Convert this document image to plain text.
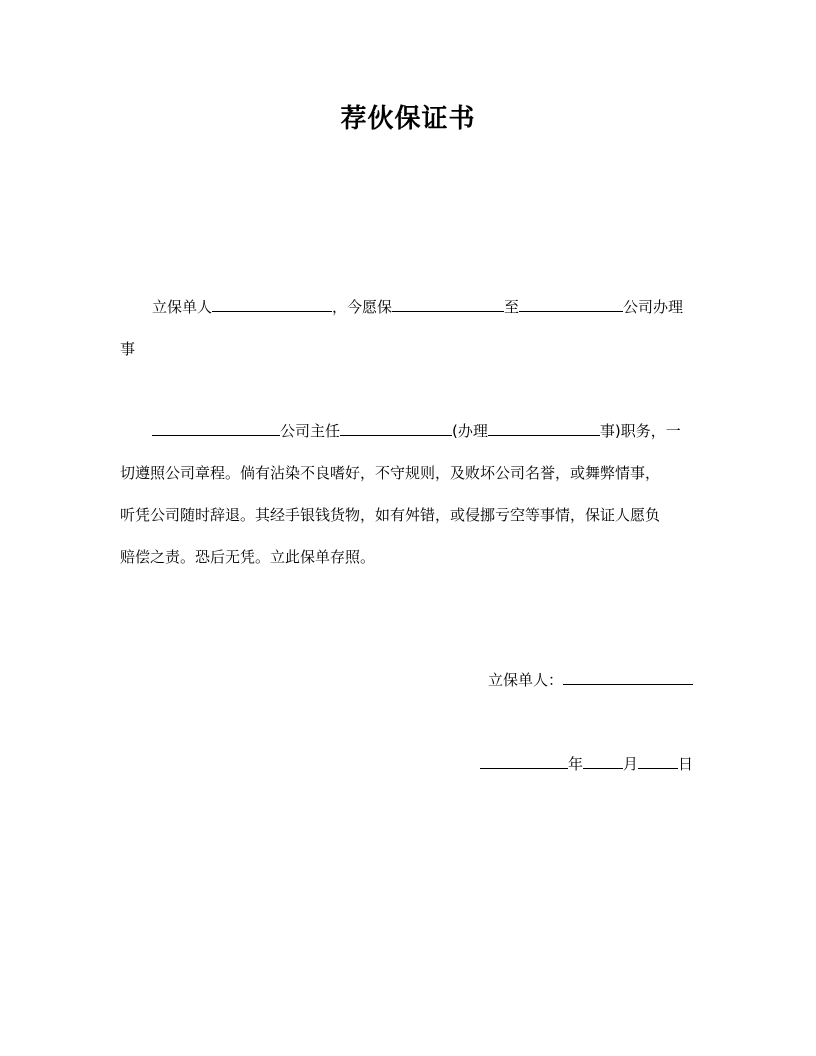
荐伙保证书
立保单人	，今愿保	至	公司办理
事
公司主任	(办理	事)职务，一
切遵照公司章程。倘有沾染不良嗜好，不守规则，及败坏公司名誉，或舞弊情事，
听凭公司随时辞退。其经手银钱货物，如有舛错，或侵挪亏空等事情，保证人愿负
赔偿之责。恐后无凭。立此保单存照。
立保单人：
年	月	日
